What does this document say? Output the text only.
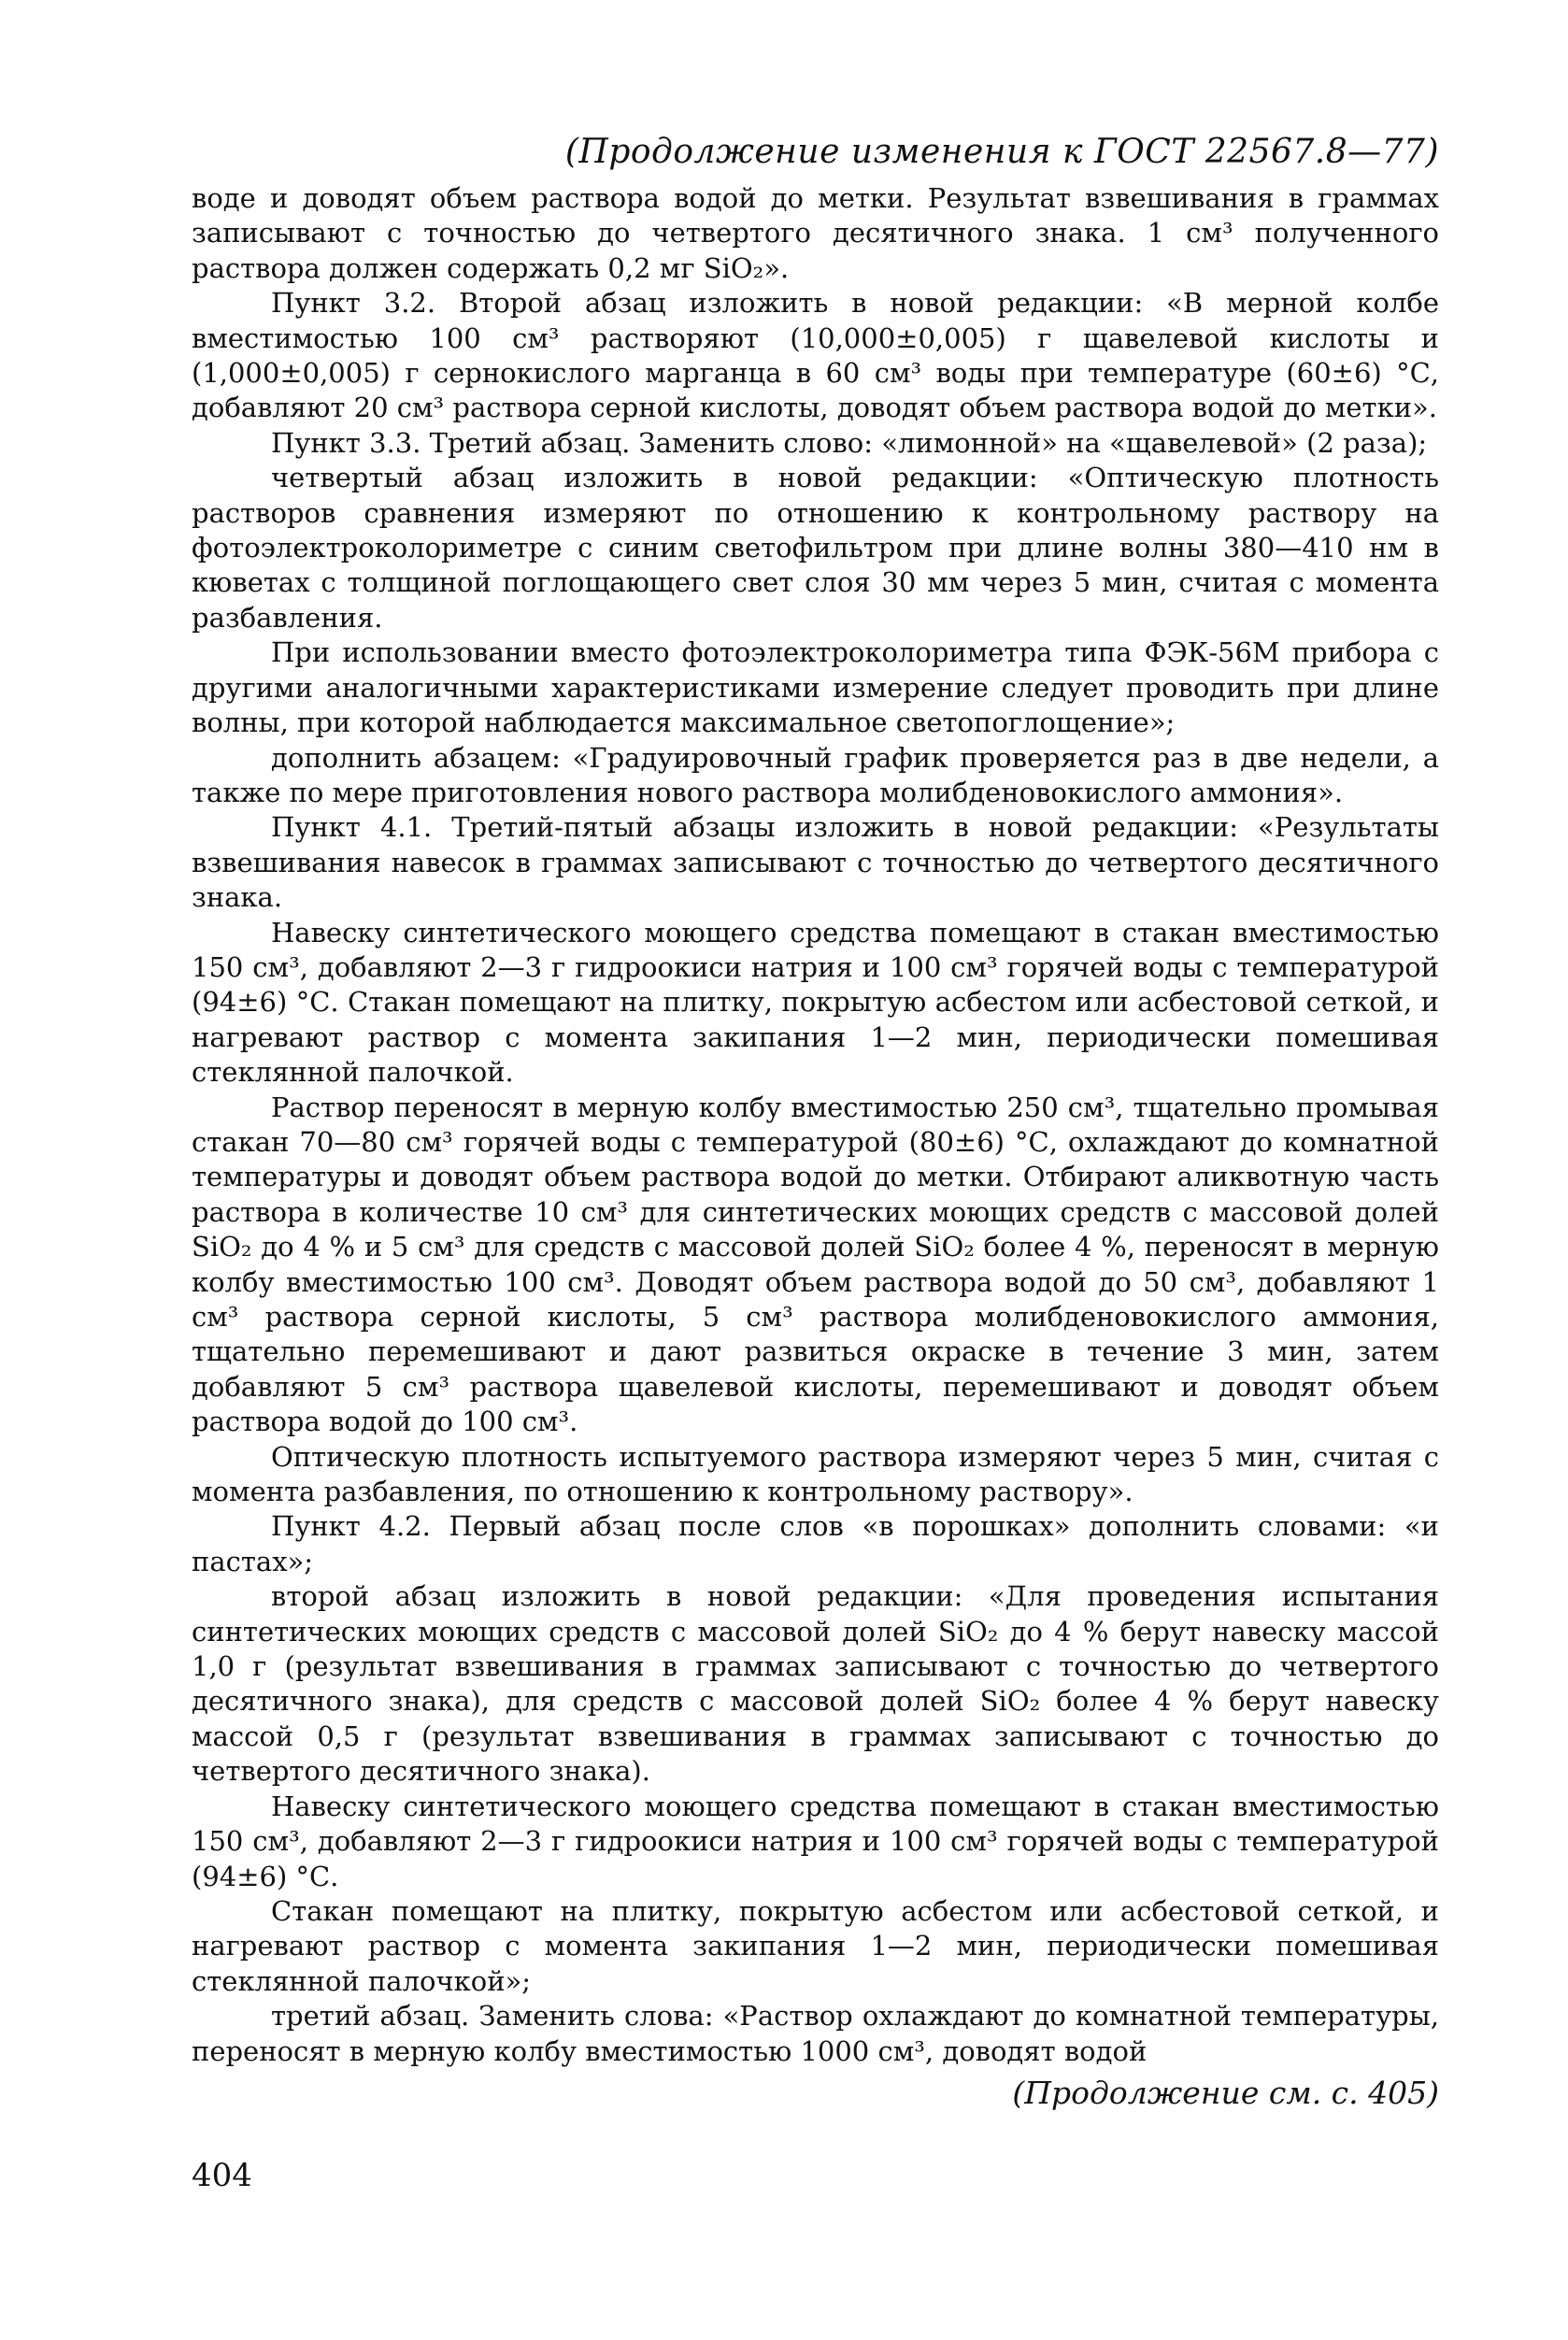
(Продолжение изменения к ГОСТ 22567.8—77)

воде и доводят объем раствора водой до метки. Результат взвешивания в граммах записывают с точностью до четвертого десятичного знака. 1 см³ полученного раствора должен содержать 0,2 мг SiO₂».

Пункт 3.2. Второй абзац изложить в новой редакции: «В мерной колбе вместимостью 100 см³ растворяют (10,000±0,005) г щавелевой кислоты и (1,000±0,005) г сернокислого марганца в 60 см³ воды при температуре (60±6) °С, добавляют 20 см³ раствора серной кислоты, доводят объем раствора водой до метки».

Пункт 3.3. Третий абзац. Заменить слово: «лимонной» на «щавелевой» (2 раза);

четвертый абзац изложить в новой редакции: «Оптическую плотность растворов сравнения измеряют по отношению к контрольному раствору на фотоэлектроколориметре с синим светофильтром при длине волны 380—410 нм в кюветах с толщиной поглощающего свет слоя 30 мм через 5 мин, считая с момента разбавления.

При использовании вместо фотоэлектроколориметра типа ФЭК-56М прибора с другими аналогичными характеристиками измерение следует проводить при длине волны, при которой наблюдается максимальное светопоглощение»;

дополнить абзацем: «Градуировочный график проверяется раз в две недели, а также по мере приготовления нового раствора молибденовокислого аммония».

Пункт 4.1. Третий-пятый абзацы изложить в новой редакции: «Результаты взвешивания навесок в граммах записывают с точностью до четвертого десятичного знака.

Навеску синтетического моющего средства помещают в стакан вместимостью 150 см³, добавляют 2—3 г гидроокиси натрия и 100 см³ горячей воды с температурой (94±6) °С. Стакан помещают на плитку, покрытую асбестом или асбестовой сеткой, и нагревают раствор с момента закипания 1—2 мин, периодически помешивая стеклянной палочкой.

Раствор переносят в мерную колбу вместимостью 250 см³, тщательно промывая стакан 70—80 см³ горячей воды с температурой (80±6) °С, охлаждают до комнатной температуры и доводят объем раствора водой до метки. Отбирают аликвотную часть раствора в количестве 10 см³ для синтетических моющих средств с массовой долей SiO₂ до 4 % и 5 см³ для средств с массовой долей SiO₂ более 4 %, переносят в мерную колбу вместимостью 100 см³. Доводят объем раствора водой до 50 см³, добавляют 1 см³ раствора серной кислоты, 5 см³ раствора молибденовокислого аммония, тщательно перемешивают и дают развиться окраске в течение 3 мин, затем добавляют 5 см³ раствора щавелевой кислоты, перемешивают и доводят объем раствора водой до 100 см³.

Оптическую плотность испытуемого раствора измеряют через 5 мин, считая с момента разбавления, по отношению к контрольному раствору».

Пункт 4.2. Первый абзац после слов «в порошках» дополнить словами: «и пастах»;

второй абзац изложить в новой редакции: «Для проведения испытания синтетических моющих средств с массовой долей SiO₂ до 4 % берут навеску массой 1,0 г (результат взвешивания в граммах записывают с точностью до четвертого десятичного знака), для средств с массовой долей SiO₂ более 4 % берут навеску массой 0,5 г (результат взвешивания в граммах записывают с точностью до четвертого десятичного знака).

Навеску синтетического моющего средства помещают в стакан вместимостью 150 см³, добавляют 2—3 г гидроокиси натрия и 100 см³ горячей воды с температурой (94±6) °С.

Стакан помещают на плитку, покрытую асбестом или асбестовой сеткой, и нагревают раствор с момента закипания 1—2 мин, периодически помешивая стеклянной палочкой»;

третий абзац. Заменить слова: «Раствор охлаждают до комнатной температуры, переносят в мерную колбу вместимостью 1000 см³, доводят водой

(Продолжение см. с. 405)
404
